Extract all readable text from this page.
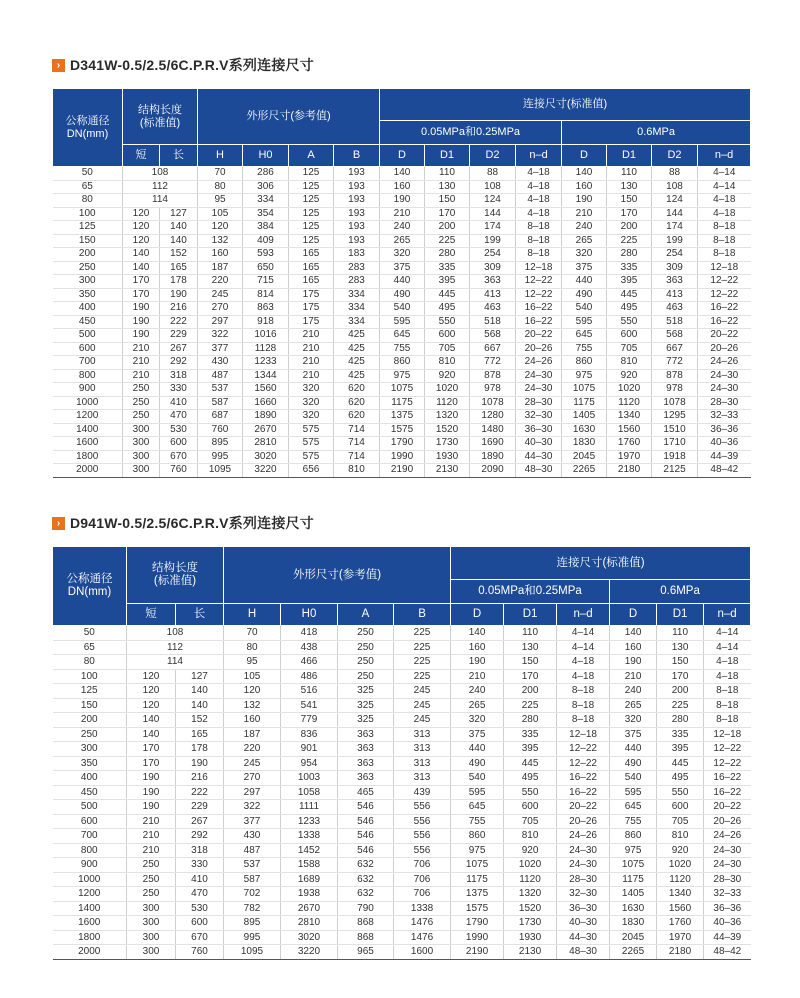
› D341W-0.5/2.5/6C.P.R.V系列连接尺寸
公称通径
DN(mm)	结构长度
(标准值)		外形尺寸(参考值)				连接尺寸(标准值)							
							0.05MPa和0.25MPa				0.6MPa			
	短	长	H	H0	A	B	D	D1	D2	n–d	D	D1	D2	n–d
50	108		70	286	125	193	140	110	88	4–18	140	110	88	4–14
65	112		80	306	125	193	160	130	108	4–18	160	130	108	4–14
80	114		95	334	125	193	190	150	124	4–18	190	150	124	4–18
100	120	127	105	354	125	193	210	170	144	4–18	210	170	144	4–18
125	120	140	120	384	125	193	240	200	174	8–18	240	200	174	8–18
150	120	140	132	409	125	193	265	225	199	8–18	265	225	199	8–18
200	140	152	160	593	165	183	320	280	254	8–18	320	280	254	8–18
250	140	165	187	650	165	283	375	335	309	12–18	375	335	309	12–18
300	170	178	220	715	165	283	440	395	363	12–22	440	395	363	12–22
350	170	190	245	814	175	334	490	445	413	12–22	490	445	413	12–22
400	190	216	270	863	175	334	540	495	463	16–22	540	495	463	16–22
450	190	222	297	918	175	334	595	550	518	16–22	595	550	518	16–22
500	190	229	322	1016	210	425	645	600	568	20–22	645	600	568	20–22
600	210	267	377	1128	210	425	755	705	667	20–26	755	705	667	20–26
700	210	292	430	1233	210	425	860	810	772	24–26	860	810	772	24–26
800	210	318	487	1344	210	425	975	920	878	24–30	975	920	878	24–30
900	250	330	537	1560	320	620	1075	1020	978	24–30	1075	1020	978	24–30
1000	250	410	587	1660	320	620	1175	1120	1078	28–30	1175	1120	1078	28–30
1200	250	470	687	1890	320	620	1375	1320	1280	32–30	1405	1340	1295	32–33
1400	300	530	760	2670	575	714	1575	1520	1480	36–30	1630	1560	1510	36–36
1600	300	600	895	2810	575	714	1790	1730	1690	40–30	1830	1760	1710	40–36
1800	300	670	995	3020	575	714	1990	1930	1890	44–30	2045	1970	1918	44–39
2000	300	760	1095	3220	656	810	2190	2130	2090	48–30	2265	2180	2125	48–42
› D941W-0.5/2.5/6C.P.R.V系列连接尺寸
公称通径
DN(mm)	结构长度
(标准值)		外形尺寸(参考值)				连接尺寸(标准值)					
							0.05MPa和0.25MPa			0.6MPa		
	短	长	H	H0	A	B	D	D1	n–d	D	D1	n–d
50	108		70	418	250	225	140	110	4–14	140	110	4–14
65	112		80	438	250	225	160	130	4–14	160	130	4–14
80	114		95	466	250	225	190	150	4–18	190	150	4–18
100	120	127	105	486	250	225	210	170	4–18	210	170	4–18
125	120	140	120	516	325	245	240	200	8–18	240	200	8–18
150	120	140	132	541	325	245	265	225	8–18	265	225	8–18
200	140	152	160	779	325	245	320	280	8–18	320	280	8–18
250	140	165	187	836	363	313	375	335	12–18	375	335	12–18
300	170	178	220	901	363	313	440	395	12–22	440	395	12–22
350	170	190	245	954	363	313	490	445	12–22	490	445	12–22
400	190	216	270	1003	363	313	540	495	16–22	540	495	16–22
450	190	222	297	1058	465	439	595	550	16–22	595	550	16–22
500	190	229	322	1111	546	556	645	600	20–22	645	600	20–22
600	210	267	377	1233	546	556	755	705	20–26	755	705	20–26
700	210	292	430	1338	546	556	860	810	24–26	860	810	24–26
800	210	318	487	1452	546	556	975	920	24–30	975	920	24–30
900	250	330	537	1588	632	706	1075	1020	24–30	1075	1020	24–30
1000	250	410	587	1689	632	706	1175	1120	28–30	1175	1120	28–30
1200	250	470	702	1938	632	706	1375	1320	32–30	1405	1340	32–33
1400	300	530	782	2670	790	1338	1575	1520	36–30	1630	1560	36–36
1600	300	600	895	2810	868	1476	1790	1730	40–30	1830	1760	40–36
1800	300	670	995	3020	868	1476	1990	1930	44–30	2045	1970	44–39
2000	300	760	1095	3220	965	1600	2190	2130	48–30	2265	2180	48–42
